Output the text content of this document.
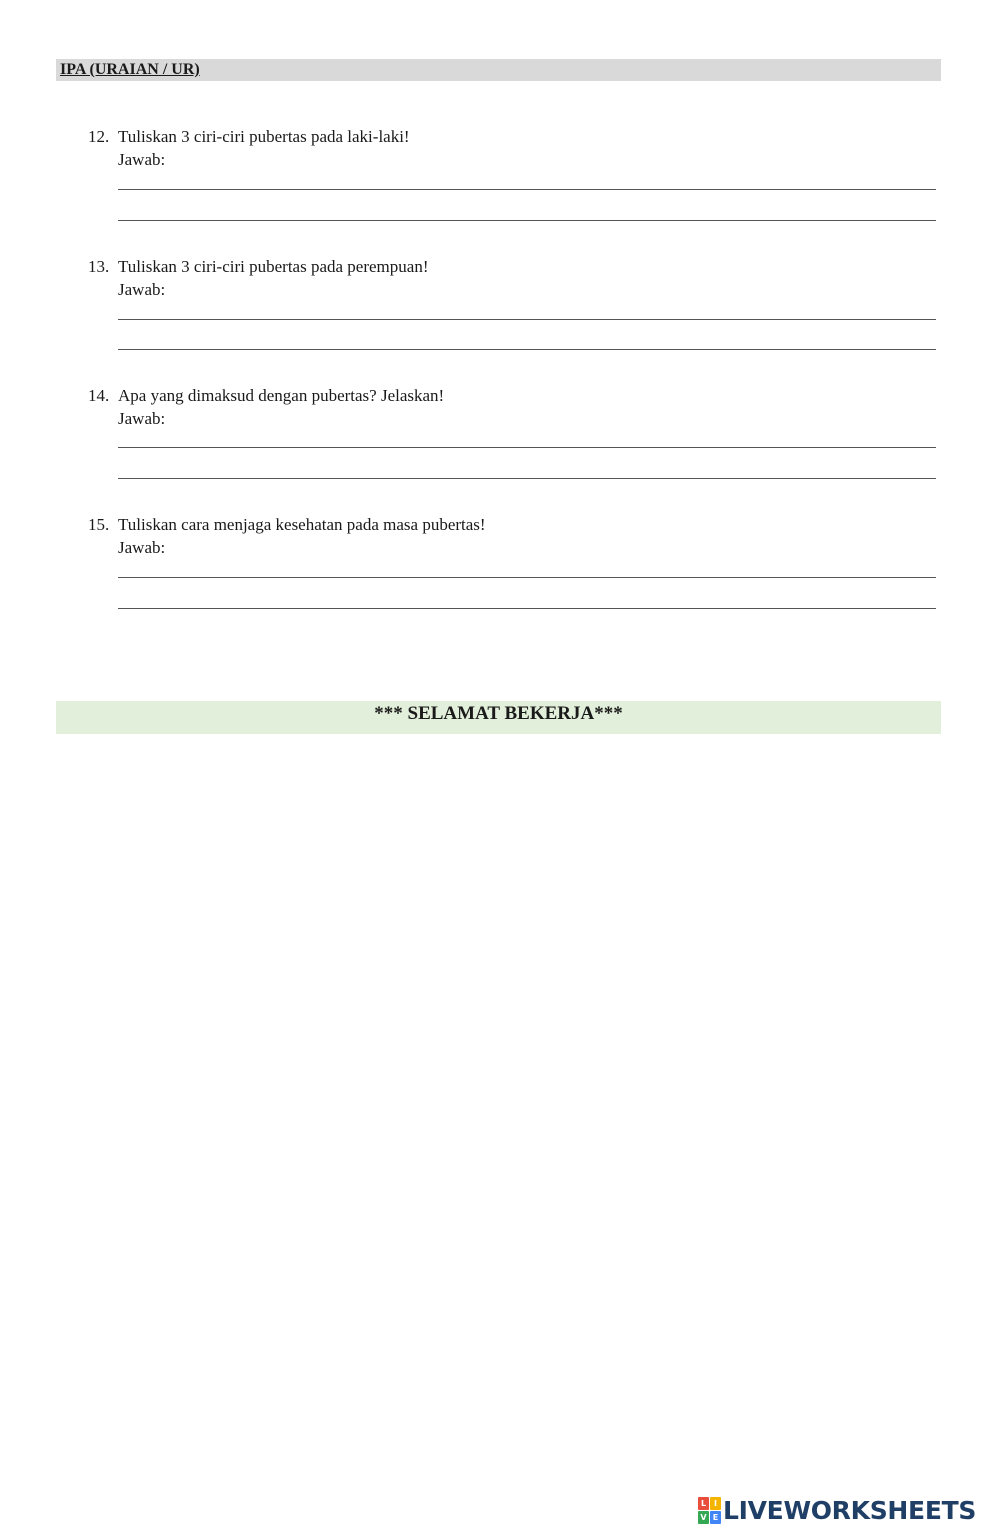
IPA (URAIAN / UR)
12. Tuliskan 3 ciri-ciri pubertas pada laki-laki!
Jawab:
13. Tuliskan 3 ciri-ciri pubertas pada perempuan!
Jawab:
14. Apa yang dimaksud dengan pubertas? Jelaskan!
Jawab:
15. Tuliskan cara menjaga kesehatan pada masa pubertas!
Jawab:
*** SELAMAT BEKERJA***
L I
V E LIVEWORKSHEETS
